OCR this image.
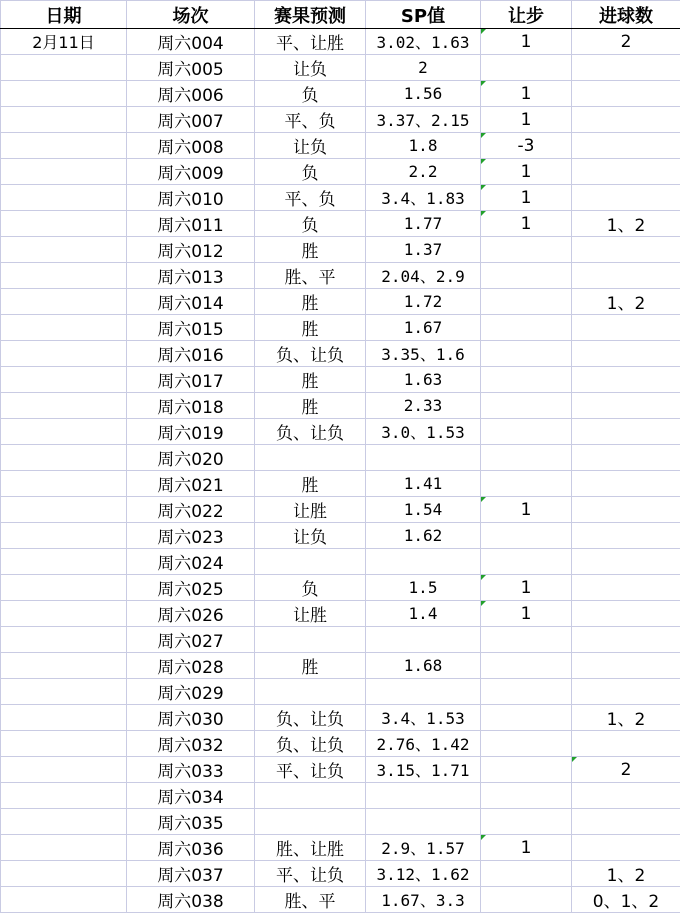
日期	场次	赛果预测	SP值	让步	进球数
2月11日	周六004	平、让胜	3.02、1.63	1	2
	周六005	让负	2		
	周六006	负	1.56	1	
	周六007	平、负	3.37、2.15	1	
	周六008	让负	1.8	-3	
	周六009	负	2.2	1	
	周六010	平、负	3.4、1.83	1	
	周六011	负	1.77	1	1、2
	周六012	胜	1.37		
	周六013	胜、平	2.04、2.9		
	周六014	胜	1.72		1、2
	周六015	胜	1.67		
	周六016	负、让负	3.35、1.6		
	周六017	胜	1.63		
	周六018	胜	2.33		
	周六019	负、让负	3.0、1.53		
	周六020				
	周六021	胜	1.41		
	周六022	让胜	1.54	1	
	周六023	让负	1.62		
	周六024				
	周六025	负	1.5	1	
	周六026	让胜	1.4	1	
	周六027				
	周六028	胜	1.68		
	周六029				
	周六030	负、让负	3.4、1.53		1、2
	周六032	负、让负	2.76、1.42		
	周六033	平、让负	3.15、1.71		2
	周六034				
	周六035				
	周六036	胜、让胜	2.9、1.57	1	
	周六037	平、让负	3.12、1.62		1、2
	周六038	胜、平	1.67、3.3		0、1、2
